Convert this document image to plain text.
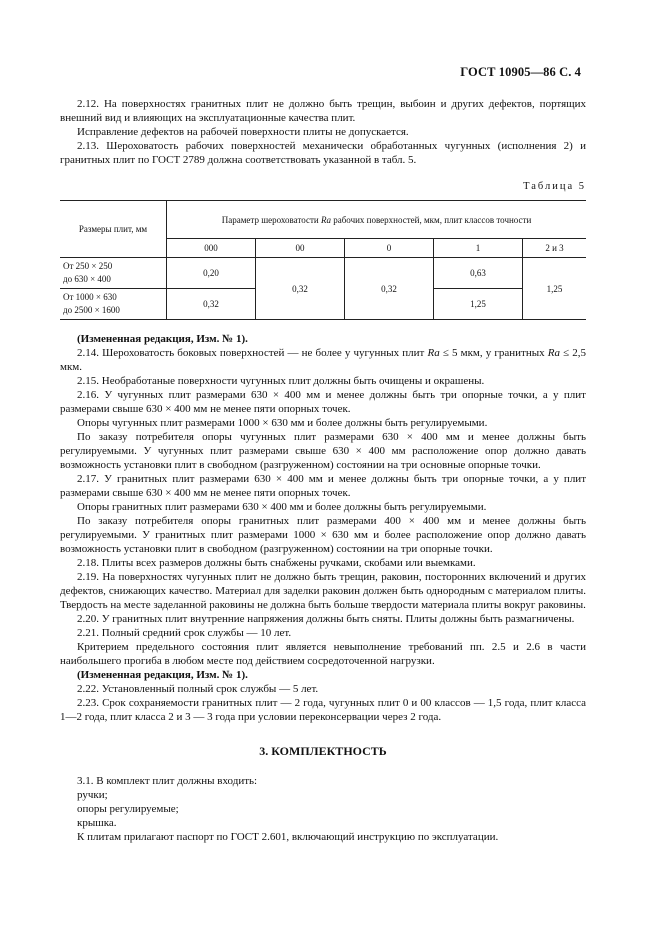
ГОСТ 10905—86 С. 4

2.12. На поверхностях гранитных плит не должно быть трещин, выбоин и других дефектов, портящих внешний вид и влияющих на эксплуатационные качества плит.

Исправление дефектов на рабочей поверхности плиты не допускается.

2.13. Шероховатость рабочих поверхностей механически обработанных чугунных (исполнения 2) и гранитных плит по ГОСТ 2789 должна соответствовать указанной в табл. 5.

Таблица 5
Размеры плит, мм	Параметр шероховатости Ra рабочих поверхностей, мкм, плит классов точности				
	000	00	0	1	2 и 3

От 250 × 250
до 630 × 400	0,20	0,32	0,32	0,63	1,25

От 1000 × 630
до 2500 × 1600	0,32			1,25	

(Измененная редакция, Изм. № 1).

2.14. Шероховатость боковых поверхностей — не более у чугунных плит Ra ≤ 5 мкм, у гранитных Ra ≤ 2,5 мкм.

2.15. Необработаные поверхности чугунных плит должны быть очищены и окрашены.

2.16. У чугунных плит размерами 630 × 400 мм и менее должны быть три опорные точки, а у плит размерами свыше 630 × 400 мм не менее пяти опорных точек.

Опоры чугунных плит размерами 1000 × 630 мм и более должны быть регулируемыми.

По заказу потребителя опоры чугунных плит размерами 630 × 400 мм и менее должны быть регулируемыми. У чугунных плит размерами свыше 630 × 400 мм расположение опор должно давать возможность установки плит в свободном (разгруженном) состоянии на три основные опорные точки.

2.17. У гранитных плит размерами 630 × 400 мм и менее должны быть три опорные точки, а у плит размерами свыше 630 × 400 мм не менее пяти опорных точек.

Опоры гранитных плит размерами 630 × 400 мм и более должны быть регулируемыми.

По заказу потребителя опоры гранитных плит размерами 400 × 400 мм и менее должны быть регулируемыми. У гранитных плит размерами 1000 × 630 мм и более расположение опор должно давать возможность установки плит в свободном (разгруженном) состоянии на три опорные точки.

2.18. Плиты всех размеров должны быть снабжены ручками, скобами или выемками.

2.19. На поверхностях чугунных плит не должно быть трещин, раковин, посторонних включений и других дефектов, снижающих качество. Материал для заделки раковин должен быть однородным с материалом плиты. Твердость на месте заделанной раковины не должна быть больше твердости материала плиты вокруг раковины.

2.20. У гранитных плит внутренние напряжения должны быть сняты. Плиты должны быть размагничены.

2.21. Полный средний срок службы — 10 лет.

Критерием предельного состояния плит является невыполнение требований пп. 2.5 и 2.6 в части наибольшего прогиба в любом месте под действием сосредоточенной нагрузки.

(Измененная редакция, Изм. № 1).

2.22. Установленный полный срок службы — 5 лет.

2.23. Срок сохраняемости гранитных плит — 2 года, чугунных плит 0 и 00 классов — 1,5 года, плит класса 1—2 года, плит класса 2 и 3 — 3 года при условии переконсервации через 2 года.

3. КОМПЛЕКТНОСТЬ

3.1. В комплект плит должны входить:

ручки;

опоры регулируемые;

крышка.

К плитам прилагают паспорт по ГОСТ 2.601, включающий инструкцию по эксплуатации.
